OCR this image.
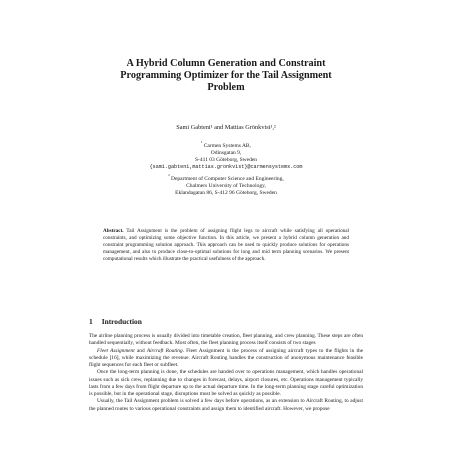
A Hybrid Column Generation and Constraint
Programming Optimizer for the Tail Assignment
Problem
Sami Gabteni¹ and Mattias Grönkvist¹,²
$^{^1}$ Carmen Systems AB,
Odinsgatan 9,
S-411 03 Göteborg, Sweden
{sami.gabteni,mattias.gronkvist}@carmensystems.com
$^{^2}$ Department of Computer Science and Engineering,
Chalmers University of Technology,
Eklandagatan 86, S-412 96 Göteborg, Sweden
Abstract. Tail Assignment is the problem of assigning flight legs to aircraft while satisfying all operational constraints, and optimizing some objective function. In this article, we present a hybrid column generation and constraint programming solution approach. This approach can be used to quickly produce solutions for operations management, and also to produce close-to-optimal solutions for long and mid term planning scenarios. We present computational results which illustrate the practical usefulness of the approach.
1 Introduction

The airline planning process is usually divided into timetable creation, fleet planning, and crew planning. These steps are often handled sequentially, without feedback. Most often, the fleet planning process itself consists of two stages

Fleet Assignment and Aircraft Routing. Fleet Assignment is the process of assigning aircraft types to the flights in the schedule [16], while maximizing the revenue. Aircraft Routing handles the construction of anonymous maintenance feasible flight sequences for each fleet or subfleet.

Once the long-term planning is done, the schedules are handed over to operations management, which handles operational issues such as sick crew, replanning due to changes in forecast, delays, airport closures, etc. Operations management typically lasts from a few days from flight departure up to the actual departure time. In the long-term planning stage careful optimization is possible, but in the operational stage, disruptions must be solved as quickly as possible.

Usually, the Tail Assignment problem is solved a few days before operations, as an extension to Aircraft Routing, to adjust the planned routes to various operational constraints and assign them to identified aircraft. However, we propose
